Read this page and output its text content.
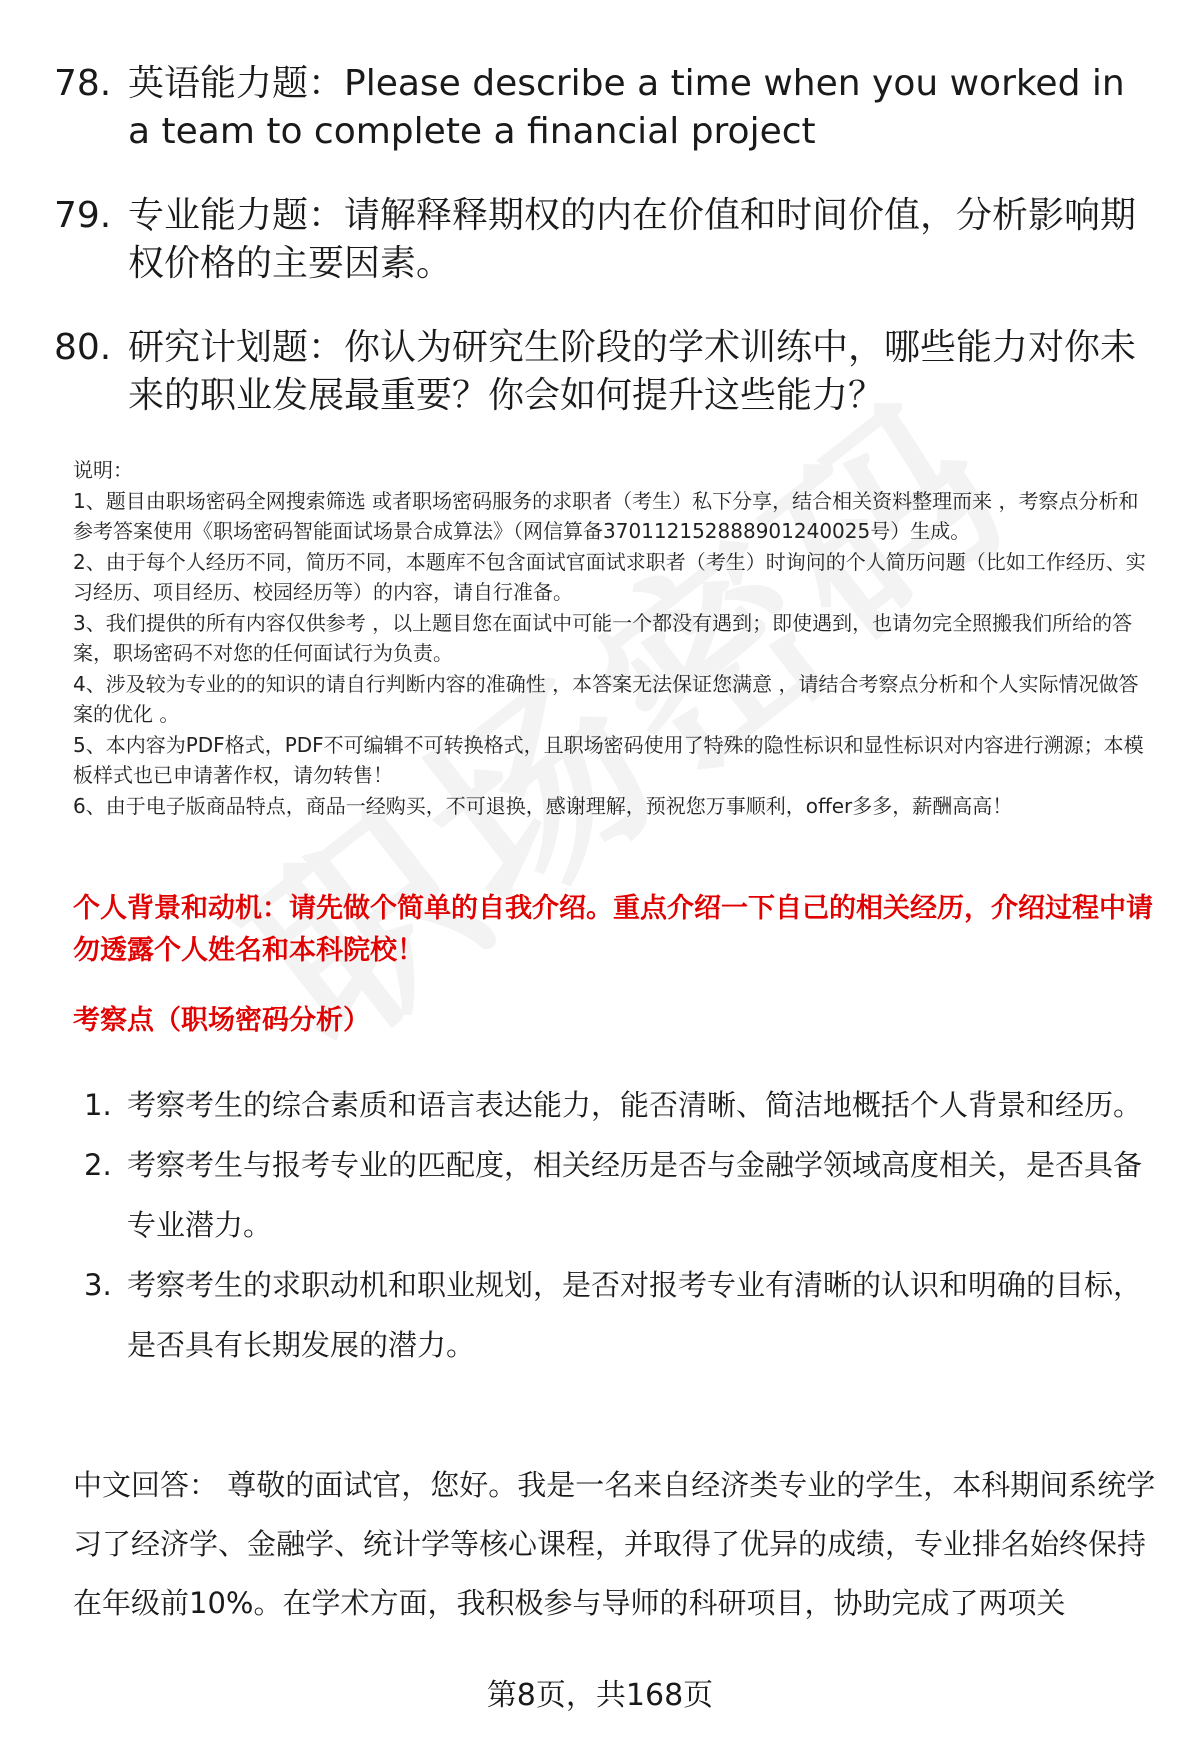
78. 英语能力题：Please describe a time when you worked in a team to complete a financial project
79. 专业能力题：请解释释期权的内在价值和时间价值，分析影响期权价格的主要因素。
80. 研究计划题：你认为研究生阶段的学术训练中，哪些能力对你未来的职业发展最重要？你会如何提升这些能力？

说明：

1、题目由职场密码全网搜索筛选 或者职场密码服务的求职者（考生）私下分享，结合相关资料整理而来 ，考察点分析和参考答案使用《职场密码智能面试场景合成算法》（网信算备370112152888901240025号）生成。

2、由于每个人经历不同，简历不同，本题库不包含面试官面试求职者（考生）时询问的个人简历问题（比如工作经历、实习经历、项目经历、校园经历等）的内容，请自行准备。

3、我们提供的所有内容仅供参考 ，以上题目您在面试中可能一个都没有遇到；即使遇到，也请勿完全照搬我们所给的答案，职场密码不对您的任何面试行为负责。

4、涉及较为专业的的知识的请自行判断内容的准确性 ，本答案无法保证您满意 ，请结合考察点分析和个人实际情况做答案的优化 。

5、本内容为PDF格式，PDF不可编辑不可转换格式，且职场密码使用了特殊的隐性标识和显性标识对内容进行溯源；本模板样式也已申请著作权，请勿转售！

6、由于电子版商品特点，商品一经购买，不可退换，感谢理解，预祝您万事顺利，offer多多，薪酬高高！

个人背景和动机：请先做个简单的自我介绍。重点介绍一下自己的相关经历，介绍过程中请勿透露个人姓名和本科院校！
考察点（职场密码分析）
1. 考察考生的综合素质和语言表达能力，能否清晰、简洁地概括个人背景和经历。
2. 考察考生与报考专业的匹配度，相关经历是否与金融学领域高度相关，是否具备专业潜力。
3. 考察考生的求职动机和职业规划，是否对报考专业有清晰的认识和明确的目标，是否具有长期发展的潜力。
中文回答： 尊敬的面试官，您好。我是一名来自经济类专业的学生，本科期间系统学习了经济学、金融学、统计学等核心课程，并取得了优异的成绩，专业排名始终保持在年级前10%。在学术方面，我积极参与导师的科研项目，协助完成了两项关
第8页，共168页
